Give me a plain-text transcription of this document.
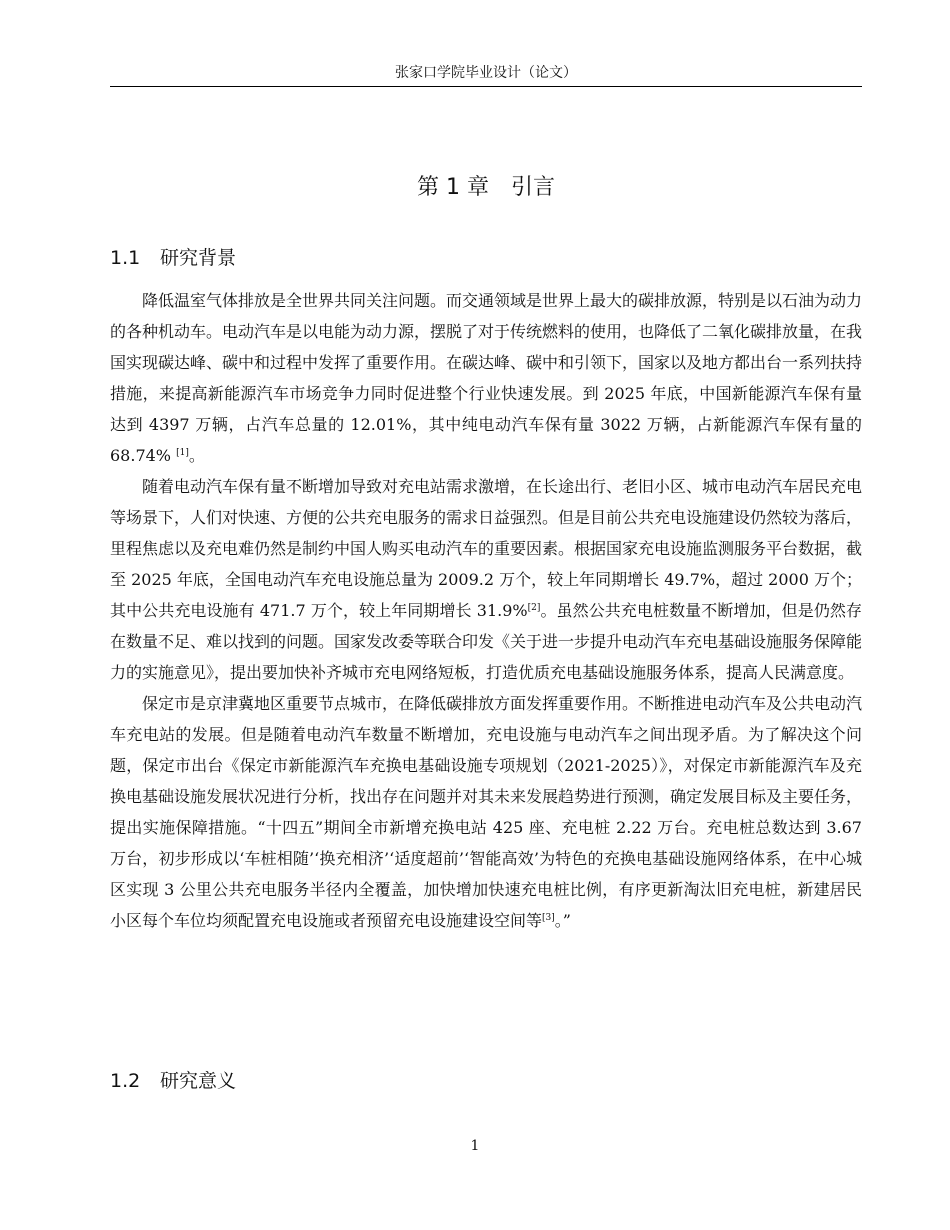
张家口学院毕业设计（论文）
第 1 章 引言
1.1 研究背景

降低温室气体排放是全世界共同关注问题。而交通领域是世界上最大的碳排放源，特别是以石油为动力的各种机动车。电动汽车是以电能为动力源，摆脱了对于传统燃料的使用，也降低了二氧化碳排放量，在我国实现碳达峰、碳中和过程中发挥了重要作用。在碳达峰、碳中和引领下，国家以及地方都出台一系列扶持措施，来提高新能源汽车市场竞争力同时促进整个行业快速发展。到 2025 年底，中国新能源汽车保有量达到 4397 万辆，占汽车总量的 12.01%，其中纯电动汽车保有量 3022 万辆，占新能源汽车保有量的 68.74% [1]。

随着电动汽车保有量不断增加导致对充电站需求激增，在长途出行、老旧小区、城市电动汽车居民充电等场景下，人们对快速、方便的公共充电服务的需求日益强烈。但是目前公共充电设施建设仍然较为落后，里程焦虑以及充电难仍然是制约中国人购买电动汽车的重要因素。根据国家充电设施监测服务平台数据，截至 2025 年底，全国电动汽车充电设施总量为 2009.2 万个，较上年同期增长 49.7%，超过 2000 万个；其中公共充电设施有 471.7 万个，较上年同期增长 31.9%[2]。虽然公共充电桩数量不断增加，但是仍然存在数量不足、难以找到的问题。国家发改委等联合印发《关于进一步提升电动汽车充电基础设施服务保障能力的实施意见》，提出要加快补齐城市充电网络短板，打造优质充电基础设施服务体系，提高人民满意度。

保定市是京津冀地区重要节点城市，在降低碳排放方面发挥重要作用。不断推进电动汽车及公共电动汽车充电站的发展。但是随着电动汽车数量不断增加，充电设施与电动汽车之间出现矛盾。为了解决这个问题，保定市出台《保定市新能源汽车充换电基础设施专项规划（2021-2025）》，对保定市新能源汽车及充换电基础设施发展状况进行分析，找出存在问题并对其未来发展趋势进行预测，确定发展目标及主要任务，提出实施保障措施。“十四五”期间全市新增充换电站 425 座、充电桩 2.22 万台。充电桩总数达到 3.67 万台，初步形成以‘车桩相随’‘换充相济’‘适度超前’‘智能高效’为特色的充换电基础设施网络体系，在中心城区实现 3 公里公共充电服务半径内全覆盖，加快增加快速充电桩比例，有序更新淘汰旧充电桩，新建居民小区每个车位均须配置充电设施或者预留充电设施建设空间等[3]。”

1.2 研究意义
1
